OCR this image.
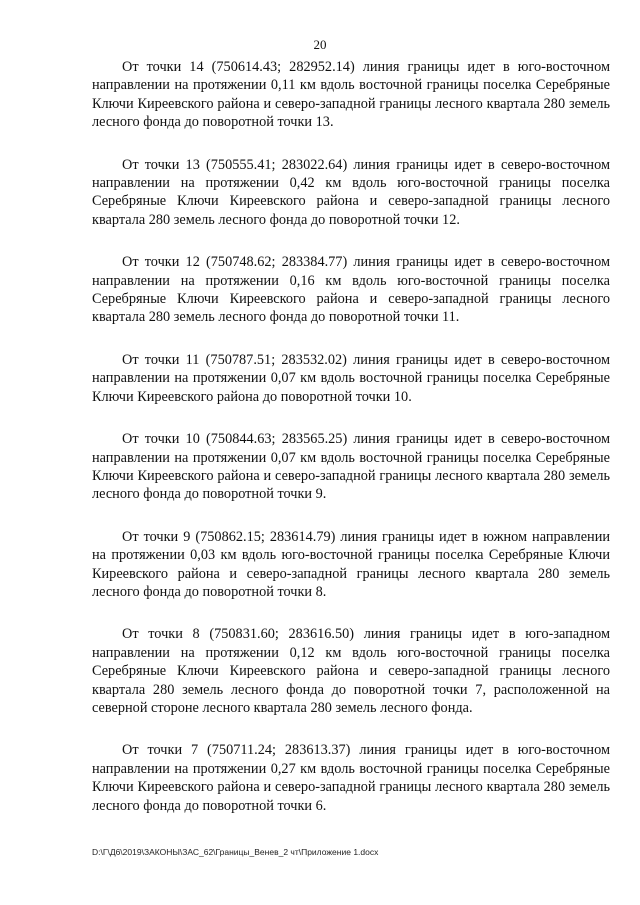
20

От точки 14 (750614.43; 282952.14) линия границы идет в юго-восточном направлении на протяжении 0,11 км вдоль восточной границы поселка Серебряные Ключи Киреевского района и северо-западной границы лесного квартала 280 земель лесного фонда до поворотной точки 13.

От точки 13 (750555.41; 283022.64) линия границы идет в северо-восточном направлении на протяжении 0,42 км вдоль юго-восточной границы поселка Серебряные Ключи Киреевского района и северо-западной границы лесного квартала 280 земель лесного фонда до поворотной точки 12.

От точки 12 (750748.62; 283384.77) линия границы идет в северо-восточном направлении на протяжении 0,16 км вдоль юго-восточной границы поселка Серебряные Ключи Киреевского района и северо-западной границы лесного квартала 280 земель лесного фонда до поворотной точки 11.

От точки 11 (750787.51; 283532.02) линия границы идет в северо-восточном направлении на протяжении 0,07 км вдоль восточной границы поселка Серебряные Ключи Киреевского района до поворотной точки 10.

От точки 10 (750844.63; 283565.25) линия границы идет в северо-восточном направлении на протяжении 0,07 км вдоль восточной границы поселка Серебряные Ключи Киреевского района и северо-западной границы лесного квартала 280 земель лесного фонда до поворотной точки 9.

От точки 9 (750862.15; 283614.79) линия границы идет в южном направлении на протяжении 0,03 км вдоль юго-восточной границы поселка Серебряные Ключи Киреевского района и северо-западной границы лесного квартала 280 земель лесного фонда до поворотной точки 8.

От точки 8 (750831.60; 283616.50) линия границы идет в юго-западном направлении на протяжении 0,12 км вдоль юго-восточной границы поселка Серебряные Ключи Киреевского района и северо-западной границы лесного квартала 280 земель лесного фонда до поворотной точки 7, расположенной на северной стороне лесного квартала 280 земель лесного фонда.

От точки 7 (750711.24; 283613.37) линия границы идет в юго-восточном направлении на протяжении 0,27 км вдоль восточной границы поселка Серебряные Ключи Киреевского района и северо-западной границы лесного квартала 280 земель лесного фонда до поворотной точки 6.

D:\Г\Д6\2019\ЗАКОНЫ\ЗАС_62\Границы_Венев_2 чт\Приложение 1.docx
